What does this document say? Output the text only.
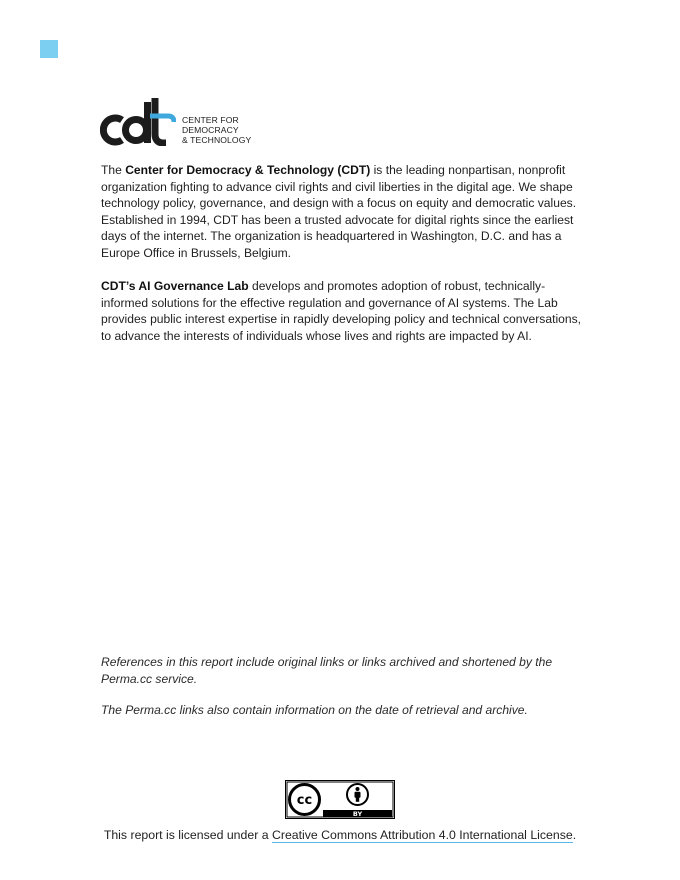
CENTER FOR
DEMOCRACY
& TECHNOLOGY

The Center for Democracy & Technology (CDT) is the leading nonpartisan, nonprofit organization fighting to advance civil rights and civil liberties in the digital age. We shape technology policy, governance, and design with a focus on equity and democratic values. Established in 1994, CDT has been a trusted advocate for digital rights since the earliest days of the internet. The organization is headquartered in Washington, D.C. and has a Europe Office in Brussels, Belgium.

CDT’s AI Governance Lab develops and promotes adoption of robust, technically-informed solutions for the effective regulation and governance of AI systems. The Lab provides public interest expertise in rapidly developing policy and technical conversations, to advance the interests of individuals whose lives and rights are impacted by AI.

References in this report include original links or links archived and shortened by the Perma.cc service.

The Perma.cc links also contain information on the date of retrieval and archive.

BY
cc
This report is licensed under a Creative Commons Attribution 4.0 International License.
